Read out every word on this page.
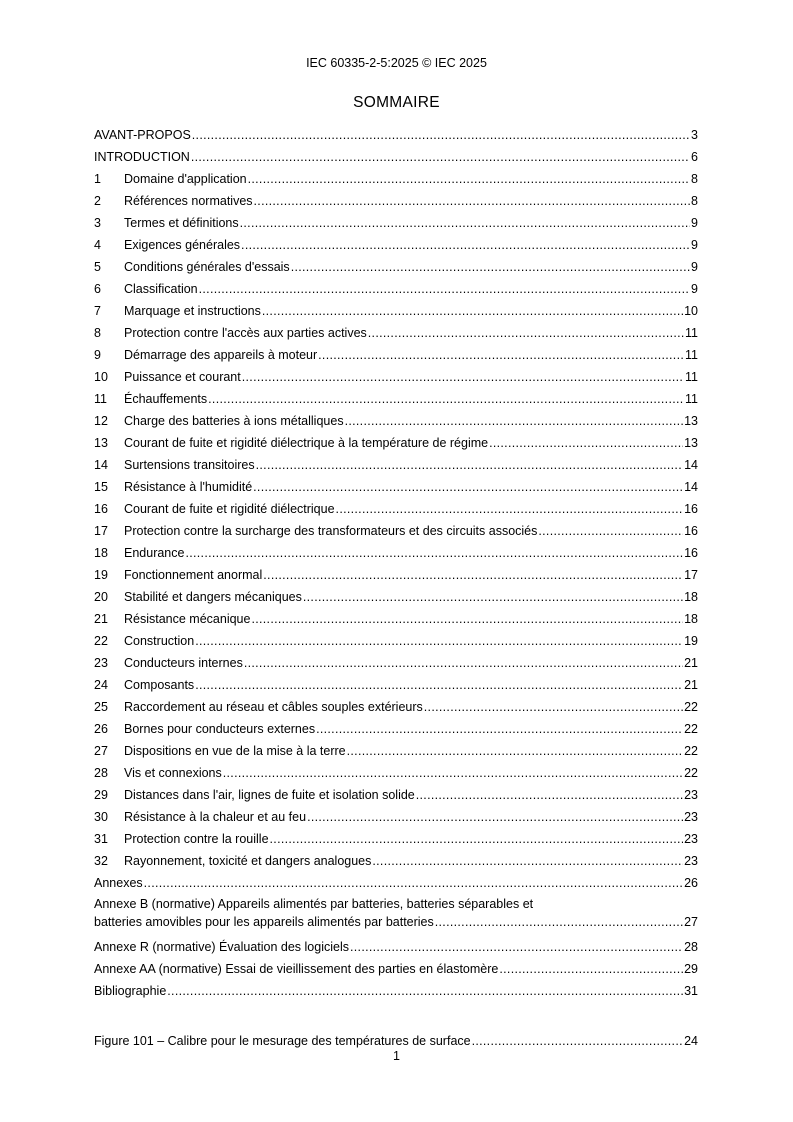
IEC 60335-2-5:2025 © IEC 2025
SOMMAIRE
AVANT-PROPOS .....	3
INTRODUCTION .....	6
1	Domaine d'application .....	8
2	Références normatives .....	8
3	Termes et définitions .....	9
4	Exigences générales .....	9
5	Conditions générales d'essais .....	9
6	Classification .....	9
7	Marquage et instructions .....	10
8	Protection contre l'accès aux parties actives .....	11
9	Démarrage des appareils à moteur .....	11
10	Puissance et courant .....	11
11	Échauffements .....	11
12	Charge des batteries à ions métalliques .....	13
13	Courant de fuite et rigidité diélectrique à la température de régime .....	13
14	Surtensions transitoires .....	14
15	Résistance à l'humidité .....	14
16	Courant de fuite et rigidité diélectrique .....	16
17	Protection contre la surcharge des transformateurs et des circuits associés .....	16
18	Endurance .....	16
19	Fonctionnement anormal .....	17
20	Stabilité et dangers mécaniques .....	18
21	Résistance mécanique .....	18
22	Construction .....	19
23	Conducteurs internes .....	21
24	Composants .....	21
25	Raccordement au réseau et câbles souples extérieurs .....	22
26	Bornes pour conducteurs externes .....	22
27	Dispositions en vue de la mise à la terre .....	22
28	Vis et connexions .....	22
29	Distances dans l'air, lignes de fuite et isolation solide .....	23
30	Résistance à la chaleur et au feu .....	23
31	Protection contre la rouille .....	23
32	Rayonnement, toxicité et dangers analogues .....	23
Annexes .....	26
Annexe B (normative) Appareils alimentés par batteries, batteries séparables et
batteries amovibles pour les appareils alimentés par batteries .....	27
Annexe R (normative) Évaluation des logiciels .....	28
Annexe AA (normative) Essai de vieillissement des parties en élastomère .....	29
Bibliographie .....	31
Figure 101 – Calibre pour le mesurage des températures de surface .....	24
1
